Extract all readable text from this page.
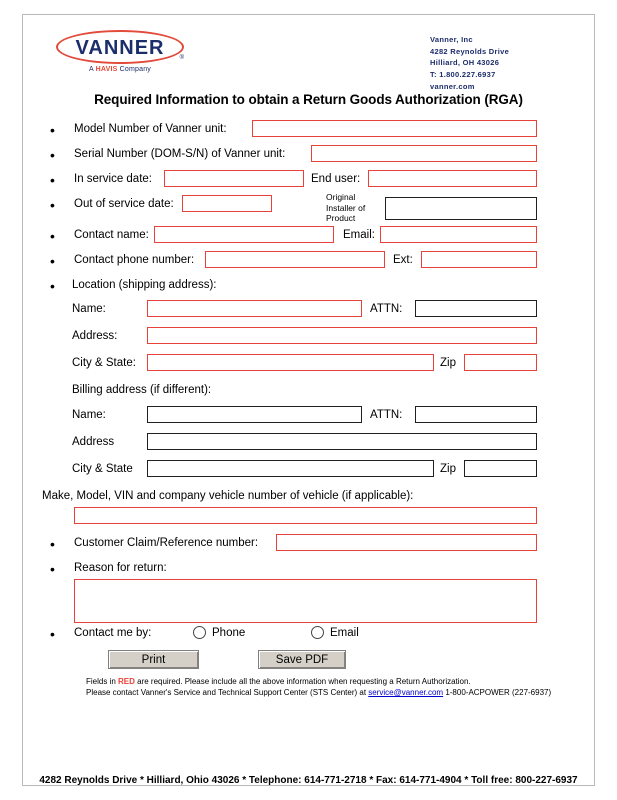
VANNER	®
A HAVIS Company
Vanner, Inc
4282 Reynolds Drive
Hilliard, OH 43026
T: 1.800.227.6937
vanner.com
Required Information to obtain a Return Goods Authorization (RGA)
• Model Number of Vanner unit:
• Serial Number (DOM-S/N) of Vanner unit:
• In service date:	End user:
• Out of service date:
Original Installer of Product
• Contact name:	Email:
• Contact phone number:	Ext:
• Location (shipping address):
Name:	ATTN:
Address:
City & State:	Zip
Billing address (if different):
Name:	ATTN:
Address
City & State	Zip
Make, Model, VIN and company vehicle number of vehicle (if applicable):
• Customer Claim/Reference number:
• Reason for return:
• Contact me by:	Phone	Email
Print	Save PDF
Fields in RED are required. Please include all the above information when requesting a Return Authorization.
Please contact Vanner's Service and Technical Support Center (STS Center) at service@vanner.com 1-800-ACPOWER (227-6937)
4282 Reynolds Drive * Hilliard, Ohio 43026 * Telephone: 614-771-2718 * Fax: 614-771-4904 * Toll free: 800-227-6937
